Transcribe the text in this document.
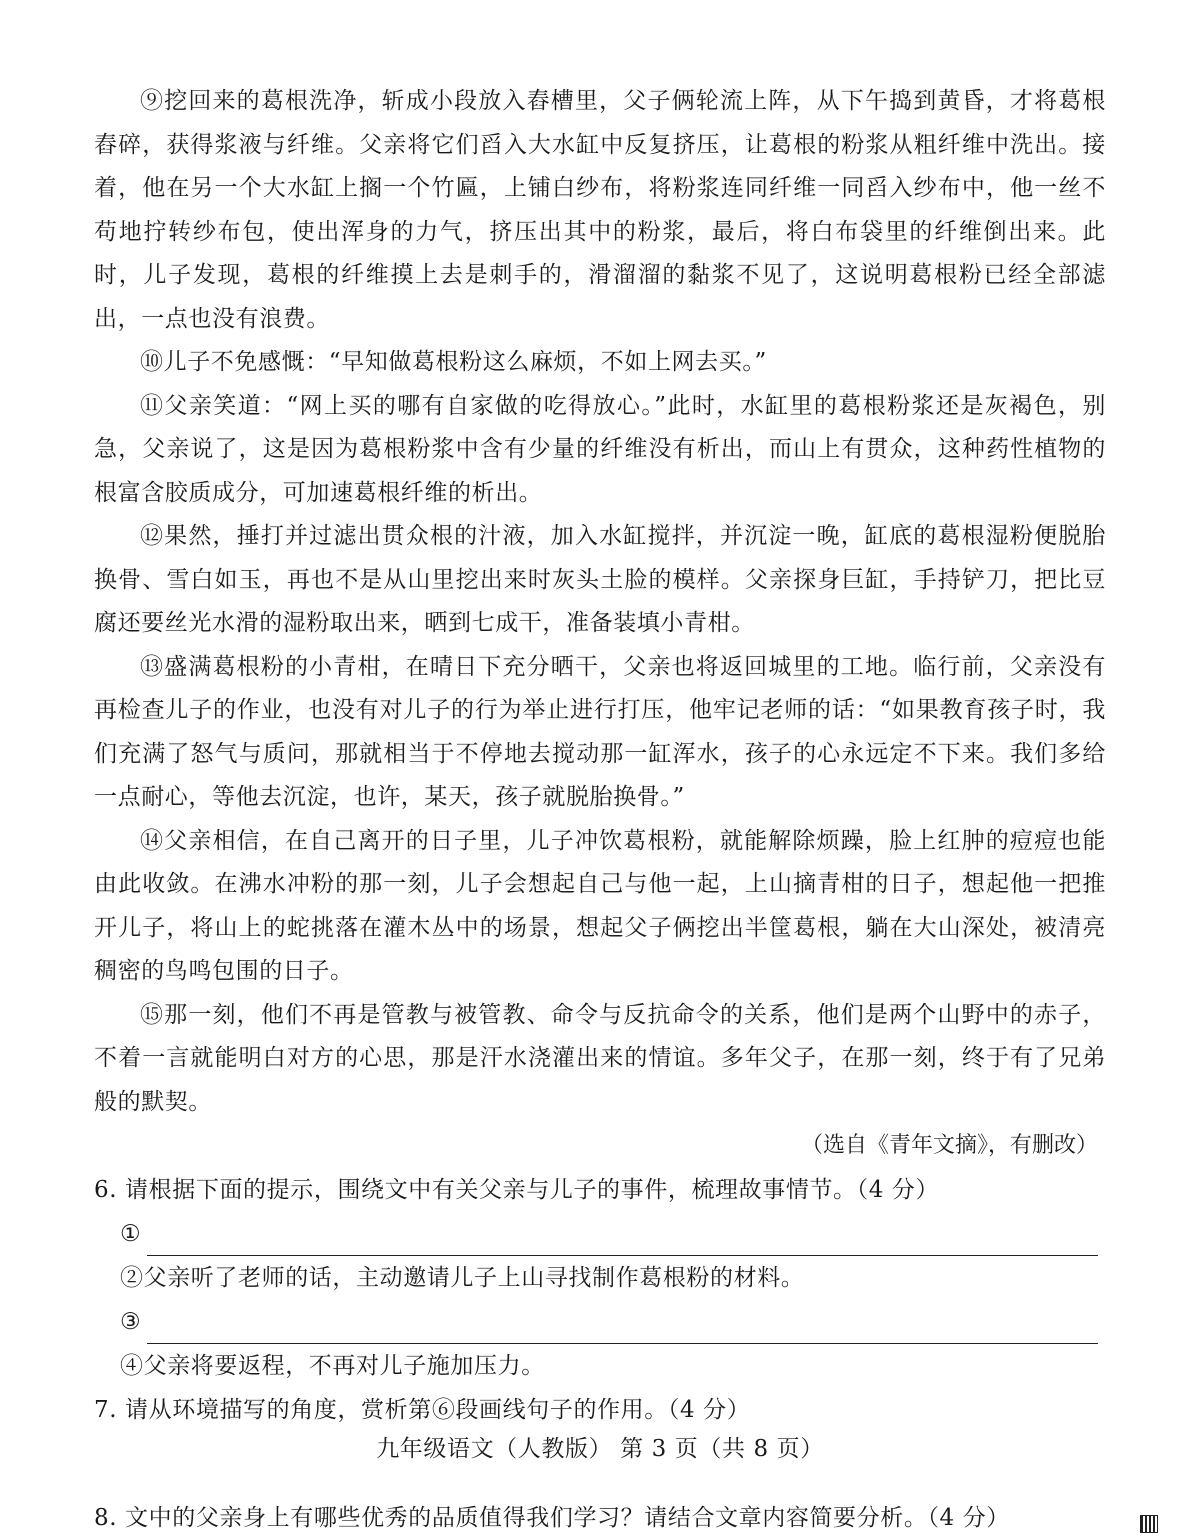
⑨挖回来的葛根洗净，斩成小段放入舂槽里，父子俩轮流上阵，从下午捣到黄昏，才将葛根舂碎，获得浆液与纤维。父亲将它们舀入大水缸中反复挤压，让葛根的粉浆从粗纤维中洗出。接着，他在另一个大水缸上搁一个竹匾，上铺白纱布，将粉浆连同纤维一同舀入纱布中，他一丝不苟地拧转纱布包，使出浑身的力气，挤压出其中的粉浆，最后，将白布袋里的纤维倒出来。此时，儿子发现，葛根的纤维摸上去是刺手的，滑溜溜的黏浆不见了，这说明葛根粉已经全部滤出，一点也没有浪费。

⑩儿子不免感慨：“早知做葛根粉这么麻烦，不如上网去买。”

⑪父亲笑道：“网上买的哪有自家做的吃得放心。”此时，水缸里的葛根粉浆还是灰褐色，别急，父亲说了，这是因为葛根粉浆中含有少量的纤维没有析出，而山上有贯众，这种药性植物的根富含胶质成分，可加速葛根纤维的析出。

⑫果然，捶打并过滤出贯众根的汁液，加入水缸搅拌，并沉淀一晚，缸底的葛根湿粉便脱胎换骨、雪白如玉，再也不是从山里挖出来时灰头土脸的模样。父亲探身巨缸，手持铲刀，把比豆腐还要丝光水滑的湿粉取出来，晒到七成干，准备装填小青柑。

⑬盛满葛根粉的小青柑，在晴日下充分晒干，父亲也将返回城里的工地。临行前，父亲没有再检查儿子的作业，也没有对儿子的行为举止进行打压，他牢记老师的话：“如果教育孩子时，我们充满了怒气与质问，那就相当于不停地去搅动那一缸浑水，孩子的心永远定不下来。我们多给一点耐心，等他去沉淀，也许，某天，孩子就脱胎换骨。”

⑭父亲相信，在自己离开的日子里，儿子冲饮葛根粉，就能解除烦躁，脸上红肿的痘痘也能由此收敛。在沸水冲粉的那一刻，儿子会想起自己与他一起，上山摘青柑的日子，想起他一把推开儿子，将山上的蛇挑落在灌木丛中的场景，想起父子俩挖出半筐葛根，躺在大山深处，被清亮稠密的鸟鸣包围的日子。

⑮那一刻，他们不再是管教与被管教、命令与反抗命令的关系，他们是两个山野中的赤子，不着一言就能明白对方的心思，那是汗水浇灌出来的情谊。多年父子，在那一刻，终于有了兄弟般的默契。

（选自《青年文摘》，有删改）

6. 请根据下面的提示，围绕文中有关父亲与儿子的事件，梳理故事情节。（4 分）

①

②父亲听了老师的话，主动邀请儿子上山寻找制作葛根粉的材料。

③

④父亲将要返程，不再对儿子施加压力。

7. 请从环境描写的角度，赏析第⑥段画线句子的作用。（4 分）

8. 文中的父亲身上有哪些优秀的品质值得我们学习？请结合文章内容简要分析。（4 分）

九年级语文（人教版） 第 3 页（共 8 页）
